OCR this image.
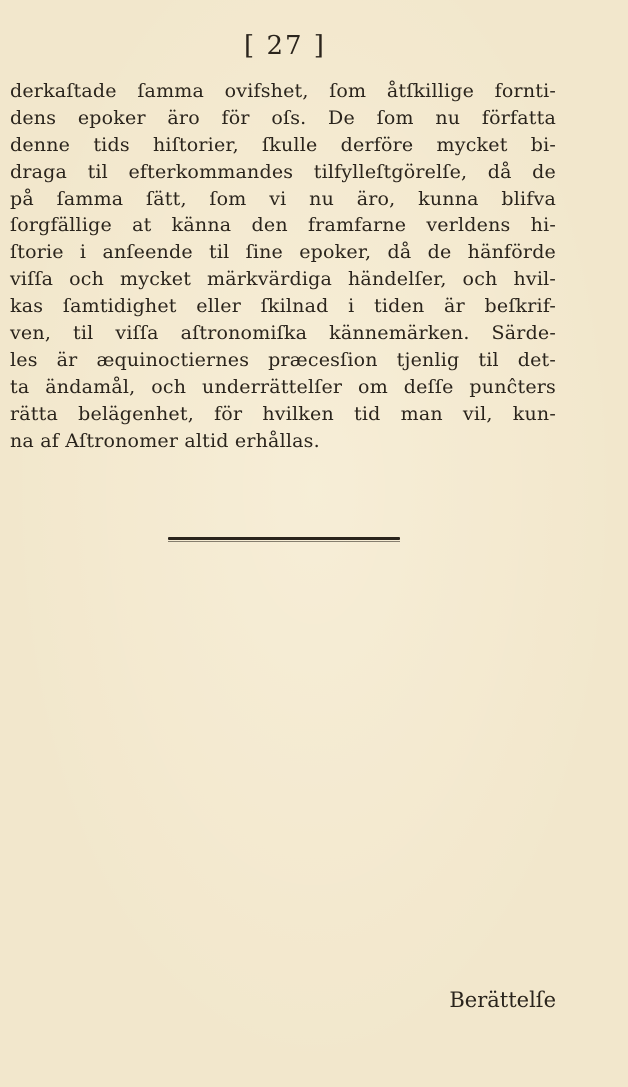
[ 27 ]
derkaſtade ſamma ovifshet, ſom åtſkillige fornti-
dens epoker äro för oſs. De ſom nu författa
denne tids hiſtorier, ſkulle derföre mycket bi-
draga til efterkommandes tilfylleſtgörelſe, då de
på ſamma ſätt, ſom vi nu äro, kunna blifva
ſorgfällige at känna den framfarne verldens hi-
ſtorie i anſeende til ſine epoker, då de hänförde
viſſa och mycket märkvärdiga händelſer, och hvil-
kas ſamtidighet eller ſkilnad i tiden är beſkrif-
ven, til viſſa aſtronomiſka kännemärken. Särde-
les är æquinoctiernes præcesſion tjenlig til det-
ta ändamål, och underrättelſer om deſſe punĉters
rätta belägenhet, för hvilken tid man vil, kun-
na af Aſtronomer altid erhållas.
Berättelſe
